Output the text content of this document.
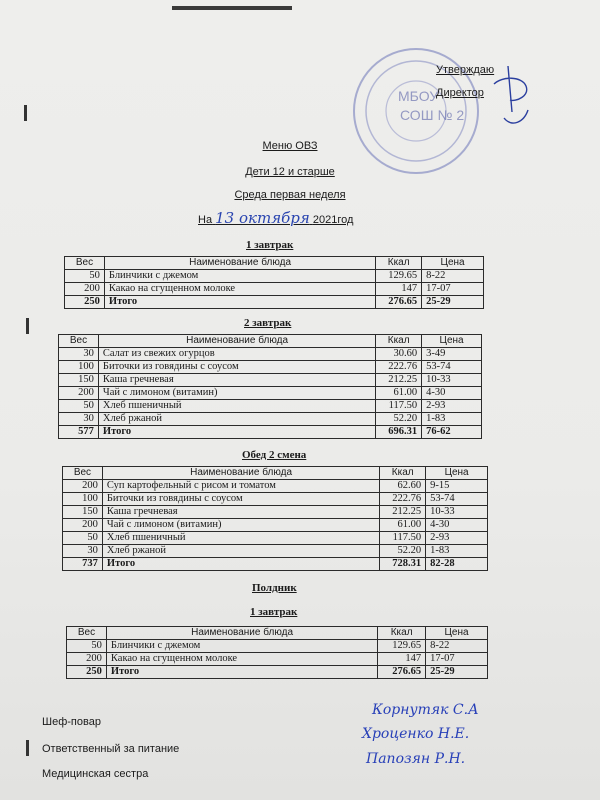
МБОУ
СОШ № 2
Утверждаю
Директор
Меню ОВЗ
Дети 12 и старше
Среда первая неделя
На 13 октября 2021год
1 завтрак
Вес	Наименование блюда	Ккал	Цена
50	Блинчики с джемом	129.65	8-22
200	Какао на сгущенном молоке	147	17-07
250	Итого	276.65	25-29
2 завтрак
Вес	Наименование блюда	Ккал	Цена
30	Салат из свежих огурцов	30.60	3-49
100	Биточки из говядины с соусом	222.76	53-74
150	Каша гречневая	212.25	10-33
200	Чай с лимоном (витамин)	61.00	4-30
50	Хлеб пшеничный	117.50	2-93
30	Хлеб ржаной	52.20	1-83
577	Итого	696.31	76-62
Обед 2 смена
Вес	Наименование блюда	Ккал	Цена
200	Суп картофельный с рисом и томатом	62.60	9-15
100	Биточки из говядины с соусом	222.76	53-74
150	Каша гречневая	212.25	10-33
200	Чай с лимоном (витамин)	61.00	4-30
50	Хлеб пшеничный	117.50	2-93
30	Хлеб ржаной	52.20	1-83
737	Итого	728.31	82-28
Полдник
1 завтрак
Вес	Наименование блюда	Ккал	Цена
50	Блинчики с джемом	129.65	8-22
200	Какао на сгущенном молоке	147	17-07
250	Итого	276.65	25-29
Шеф-повар
Ответственный за питание
Медицинская сестра
Корнутяк С.А
Хроценко Н.Е.
Папозян Р.Н.
